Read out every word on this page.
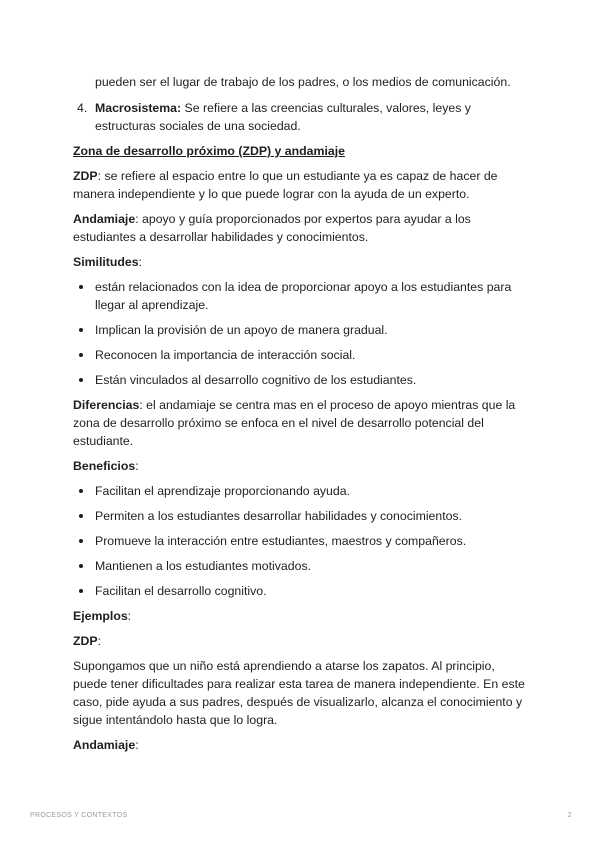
pueden ser el lugar de trabajo de los padres, o los medios de comunicación.
4. Macrosistema: Se refiere a las creencias culturales, valores, leyes y estructuras sociales de una sociedad.
Zona de desarrollo próximo (ZDP) y andamiaje

ZDP: se refiere al espacio entre lo que un estudiante ya es capaz de hacer de manera independiente y lo que puede lograr con la ayuda de un experto.

Andamiaje: apoyo y guía proporcionados por expertos para ayudar a los estudiantes a desarrollar habilidades y conocimientos.

Similitudes:

están relacionados con la idea de proporcionar apoyo a los estudiantes para llegar al aprendizaje.
Implican la provisión de un apoyo de manera gradual.
Reconocen la importancia de interacción social.
Están vinculados al desarrollo cognitivo de los estudiantes.

Diferencias: el andamiaje se centra mas en el proceso de apoyo mientras que la zona de desarrollo próximo se enfoca en el nivel de desarrollo potencial del estudiante.

Beneficios:

Facilitan el aprendizaje proporcionando ayuda.
Permiten a los estudiantes desarrollar habilidades y conocimientos.
Promueve la interacción entre estudiantes, maestros y compañeros.
Mantienen a los estudiantes motivados.
Facilitan el desarrollo cognitivo.

Ejemplos:

ZDP:

Supongamos que un niño está aprendiendo a atarse los zapatos. Al principio, puede tener dificultades para realizar esta tarea de manera independiente. En este caso, pide ayuda a sus padres, después de visualizarlo, alcanza el conocimiento y sigue intentándolo hasta que lo logra.

Andamiaje:

PROCESOS Y CONTEXTOS	2
